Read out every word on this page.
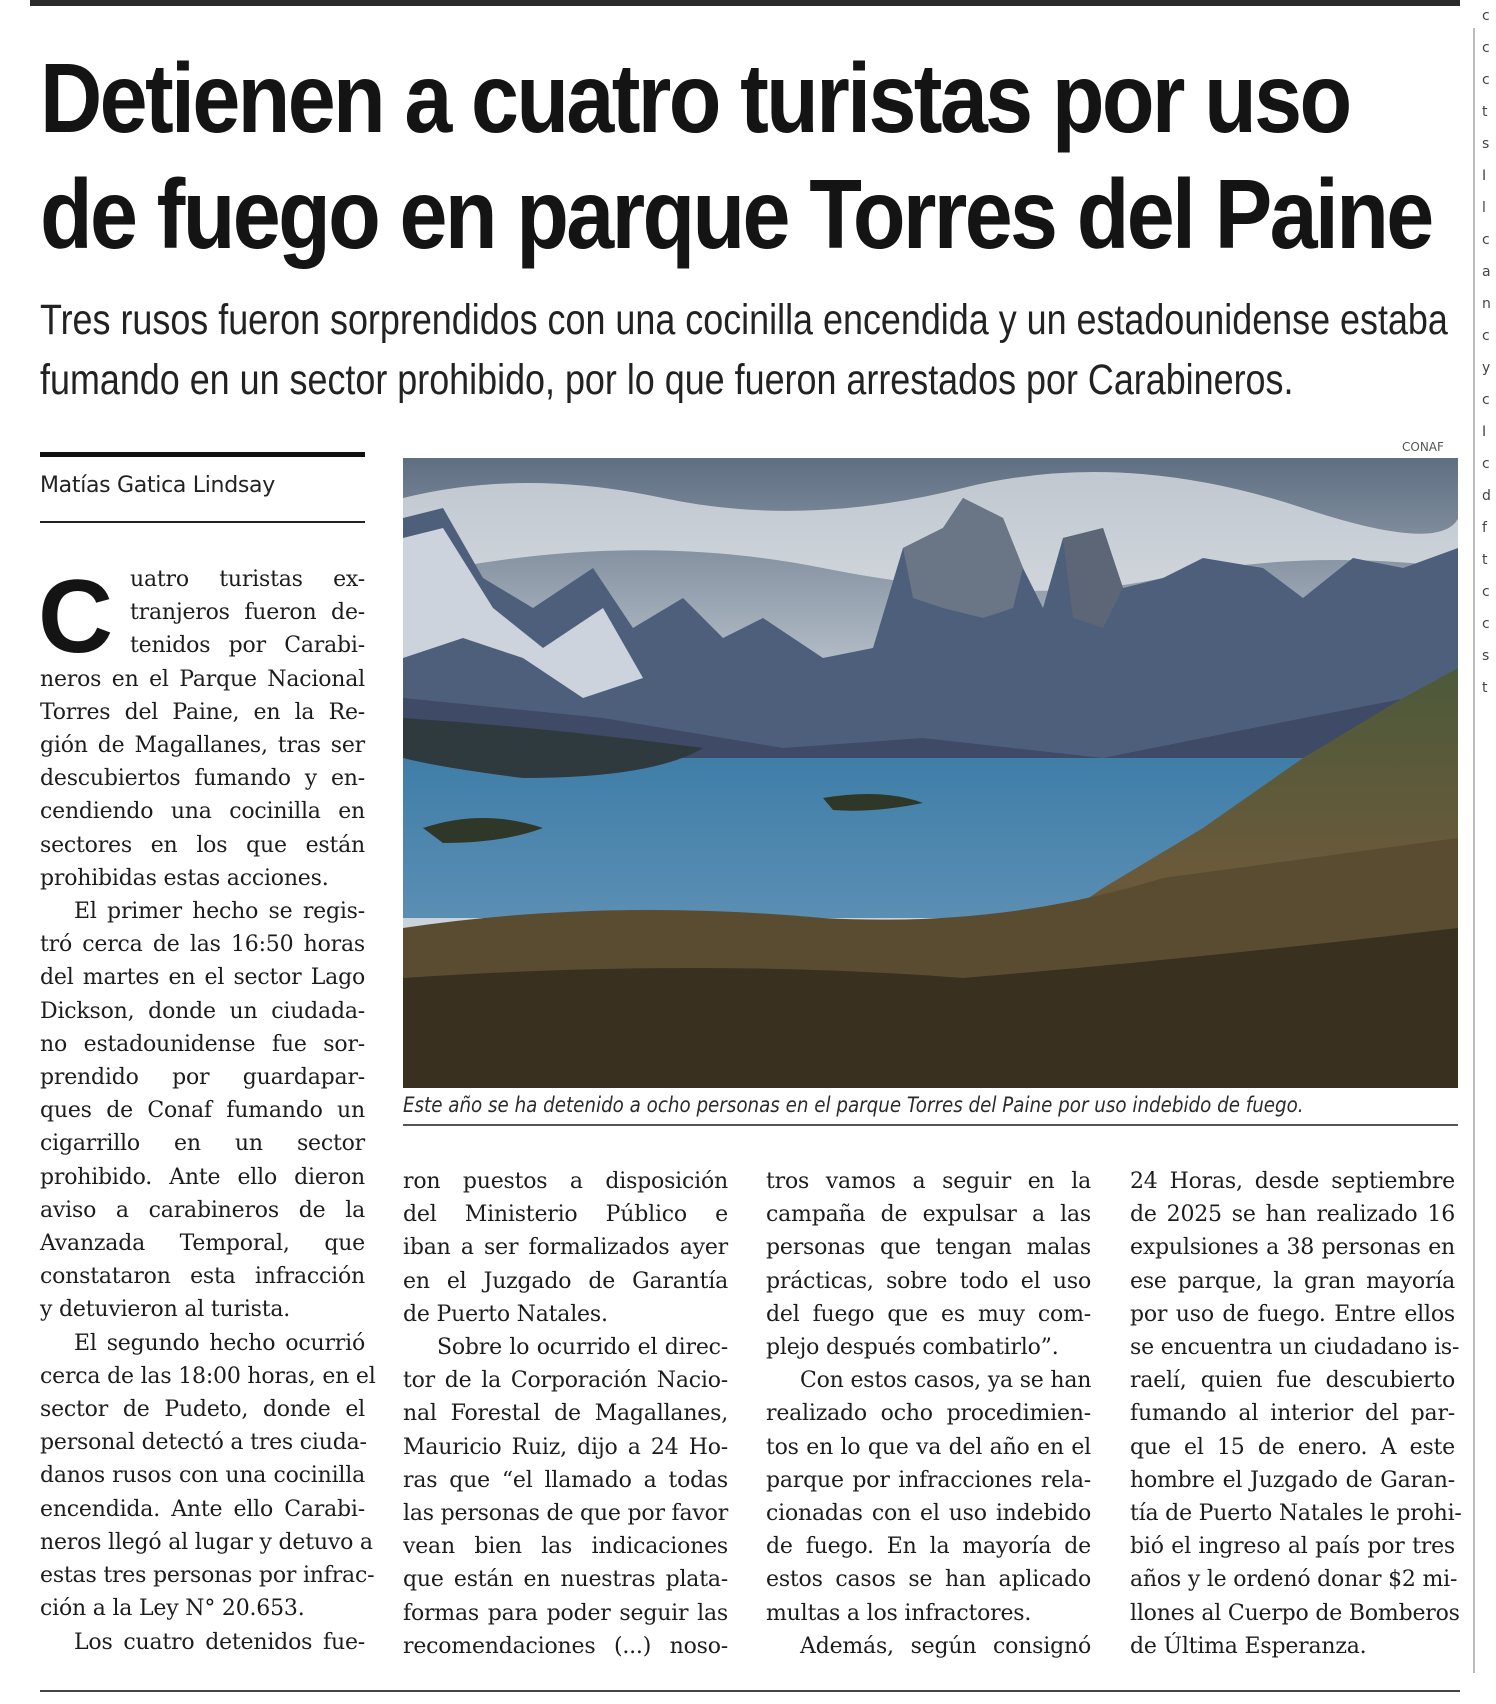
c
c
c
t
s
I
l
c
a
n
c
y
c
I
c
d
f
t
c
c
s
t
Detienen a cuatro turistas por uso
de fuego en parque Torres del Paine
Tres rusos fueron sorprendidos con una cocinilla encendida y un estadounidense estaba
fumando en un sector prohibido, por lo que fueron arrestados por Carabineros.
Matías Gatica Lindsay
CONAF
Este año se ha detenido a ocho personas en el parque Torres del Paine por uso indebido de fuego.
C uatro turistas ex-
tranjeros fueron de-
tenidos por Carabi-
neros en el Parque Nacional
Torres del Paine, en la Re-
gión de Magallanes, tras ser
descubiertos fumando y en-
cendiendo una cocinilla en
sectores en los que están
prohibidas estas acciones.
El primer hecho se regis-
tró cerca de las 16:50 horas
del martes en el sector Lago
Dickson, donde un ciudada-
no estadounidense fue sor-
prendido por guardapar-
ques de Conaf fumando un
cigarrillo en un sector
prohibido. Ante ello dieron
aviso a carabineros de la
Avanzada Temporal, que
constataron esta infracción
y detuvieron al turista.
El segundo hecho ocurrió
cerca de las 18:00 horas, en el
sector de Pudeto, donde el
personal detectó a tres ciuda-
danos rusos con una cocinilla
encendida. Ante ello Carabi-
neros llegó al lugar y detuvo a
estas tres personas por infrac-
ción a la Ley N° 20.653.
Los cuatro detenidos fue-
ron puestos a disposición
del Ministerio Público e
iban a ser formalizados ayer
en el Juzgado de Garantía
de Puerto Natales.
Sobre lo ocurrido el direc-
tor de la Corporación Nacio-
nal Forestal de Magallanes,
Mauricio Ruiz, dijo a 24 Ho-
ras que “el llamado a todas
las personas de que por favor
vean bien las indicaciones
que están en nuestras plata-
formas para poder seguir las
recomendaciones (...) noso-
tros vamos a seguir en la
campaña de expulsar a las
personas que tengan malas
prácticas, sobre todo el uso
del fuego que es muy com-
plejo después combatirlo”.
Con estos casos, ya se han
realizado ocho procedimien-
tos en lo que va del año en el
parque por infracciones rela-
cionadas con el uso indebido
de fuego. En la mayoría de
estos casos se han aplicado
multas a los infractores.
Además, según consignó
24 Horas, desde septiembre
de 2025 se han realizado 16
expulsiones a 38 personas en
ese parque, la gran mayoría
por uso de fuego. Entre ellos
se encuentra un ciudadano is-
raelí, quien fue descubierto
fumando al interior del par-
que el 15 de enero. A este
hombre el Juzgado de Garan-
tía de Puerto Natales le prohi-
bió el ingreso al país por tres
años y le ordenó donar $2 mi-
llones al Cuerpo de Bomberos
de Última Esperanza.
